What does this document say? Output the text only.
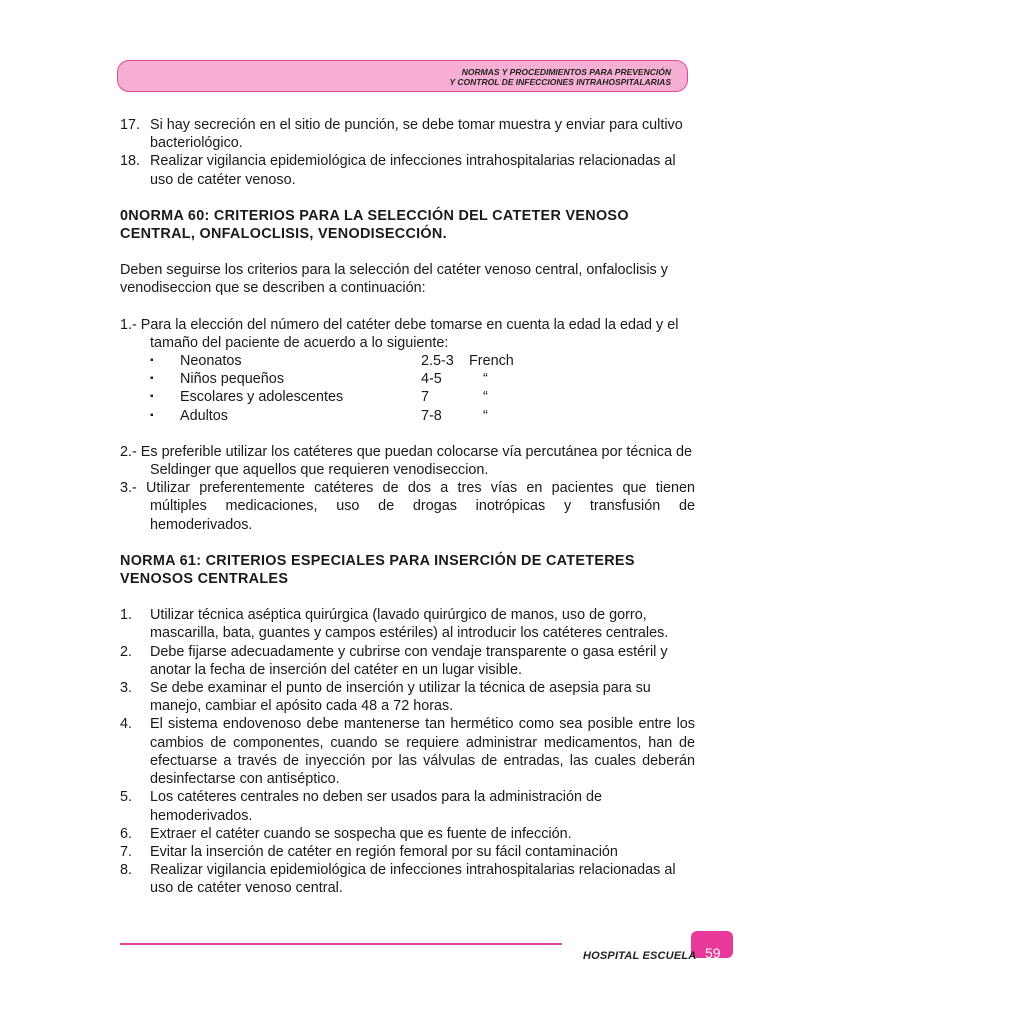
NORMAS Y PROCEDIMIENTOS PARA PREVENCIÓN
Y CONTROL DE INFECCIONES INTRAHOSPITALARIAS
17. Si hay secreción en el sitio de punción, se debe tomar muestra y enviar para cultivo bacteriológico.
18. Realizar vigilancia epidemiológica de infecciones intrahospitalarias relacionadas al uso de catéter venoso.
0NORMA 60: CRITERIOS PARA LA SELECCIÓN DEL CATETER VENOSO CENTRAL, ONFALOCLISIS, VENODISECCIÓN.
Deben seguirse los criterios para la selección del catéter venoso central, onfaloclisis y venodiseccion que se describen a continuación:
1.- Para la elección del número del catéter debe tomarse en cuenta la edad la edad y el tamaño del paciente de acuerdo a lo siguiente:
▪	Neonatos	2.5-3	French
▪	Niños pequeños	4-5	“
▪	Escolares y adolescentes	7	“
▪	Adultos	7-8	“
2.- Es preferible utilizar los catéteres que puedan colocarse vía percutánea por técnica de Seldinger que aquellos que requieren venodiseccion.
3.- Utilizar preferentemente catéteres de dos a tres vías en pacientes que tienen
múltiples medicaciones, uso de drogas inotrópicas y transfusión de
hemoderivados.
NORMA 61: CRITERIOS ESPECIALES PARA INSERCIÓN DE CATETERES VENOSOS CENTRALES
1.	Utilizar técnica aséptica quirúrgica (lavado quirúrgico de manos, uso de gorro, mascarilla, bata, guantes y campos estériles) al introducir los catéteres centrales.
2.	Debe fijarse adecuadamente y cubrirse con vendaje transparente o gasa estéril y anotar la fecha de inserción del catéter en un lugar visible.
3.	Se debe examinar el punto de inserción y utilizar la técnica de asepsia para su manejo, cambiar el apósito cada 48 a 72 horas.
4.	El sistema endovenoso debe mantenerse tan hermético como sea posible entre los cambios de componentes, cuando se requiere administrar medicamentos, han de efectuarse a través de inyección por las válvulas de entradas, las cuales deberán desinfectarse con antiséptico.
5.	Los catéteres centrales no deben ser usados para la administración de hemoderivados.
6.	Extraer el catéter cuando se sospecha que es fuente de infección.
7.	Evitar la inserción de catéter en región femoral por su fácil contaminación
8.	Realizar vigilancia epidemiológica de infecciones intrahospitalarias relacionadas al uso de catéter venoso central.
HOSPITAL ESCUELA 59
